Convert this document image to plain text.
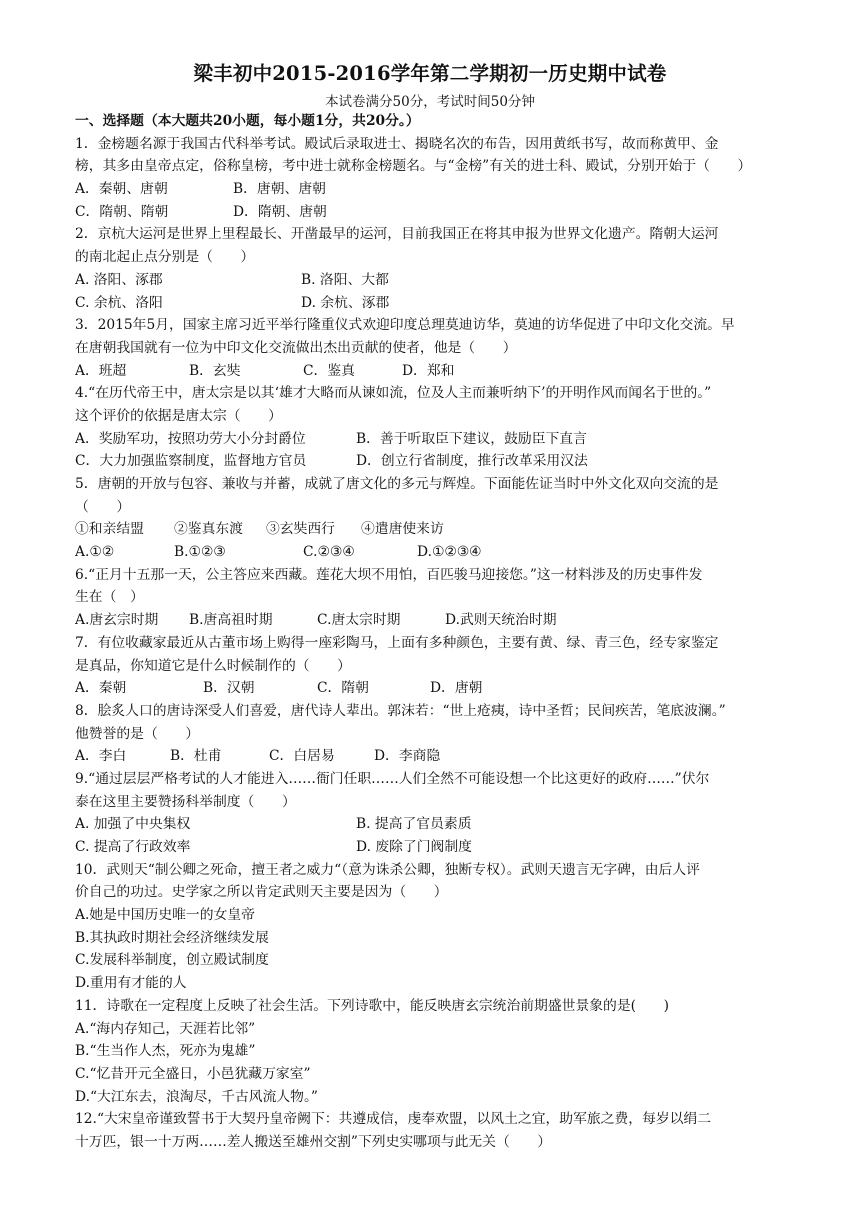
梁丰初中2015-2016学年第二学期初一历史期中试卷
本试卷满分50分，考试时间50分钟
一、选择题（本大题共20小题，每小题1分，共20分。）
1．金榜题名源于我国古代科举考试。殿试后录取进士、揭晓名次的布告，因用黄纸书写，故而称黄甲、金
榜，其多由皇帝点定，俗称皇榜，考中进士就称金榜题名。与“金榜”有关的进士科、殿试，分别开始于（　　）
A．秦朝、唐朝	B．唐朝、唐朝
C．隋朝、隋朝	D．隋朝、唐朝
2．京杭大运河是世界上里程最长、开凿最早的运河，目前我国正在将其申报为世界文化遗产。隋朝大运河
的南北起止点分别是（　　）
A. 洛阳、涿郡	B. 洛阳、大都
C. 余杭、洛阳	D. 余杭、涿郡
3．2015年5月，国家主席习近平举行隆重仪式欢迎印度总理莫迪访华，莫迪的访华促进了中印文化交流。早
在唐朝我国就有一位为中印文化交流做出杰出贡献的使者，他是（　　）
A．班超	B．玄奘	C．鉴真	D．郑和
4.“在历代帝王中，唐太宗是以其‘雄才大略而从谏如流，位及人主而兼听纳下’的开明作风而闻名于世的。”
这个评价的依据是唐太宗（　　）
A．奖励军功，按照功劳大小分封爵位	B．善于听取臣下建议，鼓励臣下直言
C．大力加强监察制度，监督地方官员	D．创立行省制度，推行改革采用汉法
5．唐朝的开放与包容、兼收与并蓄，成就了唐文化的多元与辉煌。下面能佐证当时中外文化双向交流的是
（　　）
①和亲结盟 ②鉴真东渡 ③玄奘西行 ④遣唐使来访
A.①②	B.①②③	C.②③④	D.①②③④
6.“正月十五那一天，公主答应来西藏。莲花大坝不用怕，百匹骏马迎接您。”这一材料涉及的历史事件发
生在（　）
A.唐玄宗时期 B.唐高祖时期	C.唐太宗时期	D.武则天统治时期
7．有位收藏家最近从古董市场上购得一座彩陶马，上面有多种颜色，主要有黄、绿、青三色，经专家鉴定
是真品，你知道它是什么时候制作的（　　）
A．秦朝	B．汉朝	C．隋朝	D．唐朝
8．脍炙人口的唐诗深受人们喜爱，唐代诗人辈出。郭沫若：“世上疮痍，诗中圣哲；民间疾苦，笔底波澜。”
他赞誉的是（　　）
A．李白	B．杜甫	C．白居易	D．李商隐
9.“通过层层严格考试的人才能进入……衙门任职……人们全然不可能设想一个比这更好的政府……”伏尔
泰在这里主要赞扬科举制度（　　）
A. 加强了中央集权	B. 提高了官员素质
C. 提高了行政效率	D. 废除了门阀制度
10．武则天“制公卿之死命，擅王者之威力“（意为诛杀公卿，独断专权）。武则天遗言无字碑，由后人评
价自己的功过。史学家之所以肯定武则天主要是因为（　　）
A.她是中国历史唯一的女皇帝
B.其执政时期社会经济继续发展
C.发展科举制度，创立殿试制度
D.重用有才能的人
11．诗歌在一定程度上反映了社会生活。下列诗歌中，能反映唐玄宗统治前期盛世景象的是(　　)
A.“海内存知己，天涯若比邻”
B.“生当作人杰，死亦为鬼雄”
C.“忆昔开元全盛日，小邑犹藏万家室”
D.“大江东去，浪淘尽，千古风流人物。”
12.“大宋皇帝谨致誓书于大契丹皇帝阙下：共遵成信，虔奉欢盟，以风土之宜，助军旅之费，每岁以绢二
十万匹，银一十万两……差人搬送至雄州交割”下列史实哪项与此无关（　　）
